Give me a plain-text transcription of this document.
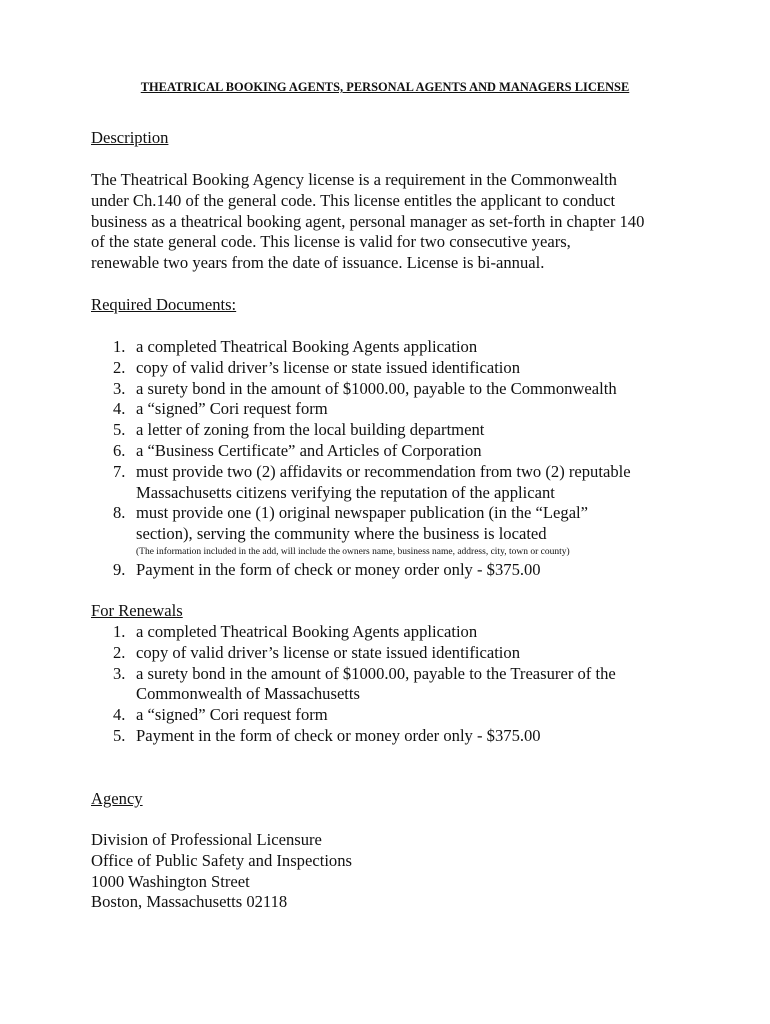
THEATRICAL BOOKING AGENTS, PERSONAL AGENTS AND MANAGERS LICENSE
Description

The Theatrical Booking Agency license is a requirement in the Commonwealth

under Ch.140 of the general code. This license entitles the applicant to conduct

business as a theatrical booking agent, personal manager as set-forth in chapter 140

of the state general code. This license is valid for two consecutive years,

renewable two years from the date of issuance. License is bi-annual.

Required Documents:
1. a completed Theatrical Booking Agents application
2. copy of valid driver’s license or state issued identification
3. a surety bond in the amount of $1000.00, payable to the Commonwealth
4. a “signed” Cori request form
5. a letter of zoning from the local building department
6. a “Business Certificate” and Articles of Corporation
7. must provide two (2) affidavits or recommendation from two (2) reputable
Massachusetts citizens verifying the reputation of the applicant
8. must provide one (1) original newspaper publication (in the “Legal”
section), serving the community where the business is located
(The information included in the add, will include the owners name, business name, address, city, town or county)
9. Payment in the form of check or money order only - $375.00
For Renewals
1. a completed Theatrical Booking Agents application
2. copy of valid driver’s license or state issued identification
3. a surety bond in the amount of $1000.00, payable to the Treasurer of the
Commonwealth of Massachusetts
4. a “signed” Cori request form
5. Payment in the form of check or money order only - $375.00
Agency
Division of Professional Licensure
Office of Public Safety and Inspections
1000 Washington Street
Boston, Massachusetts 02118
